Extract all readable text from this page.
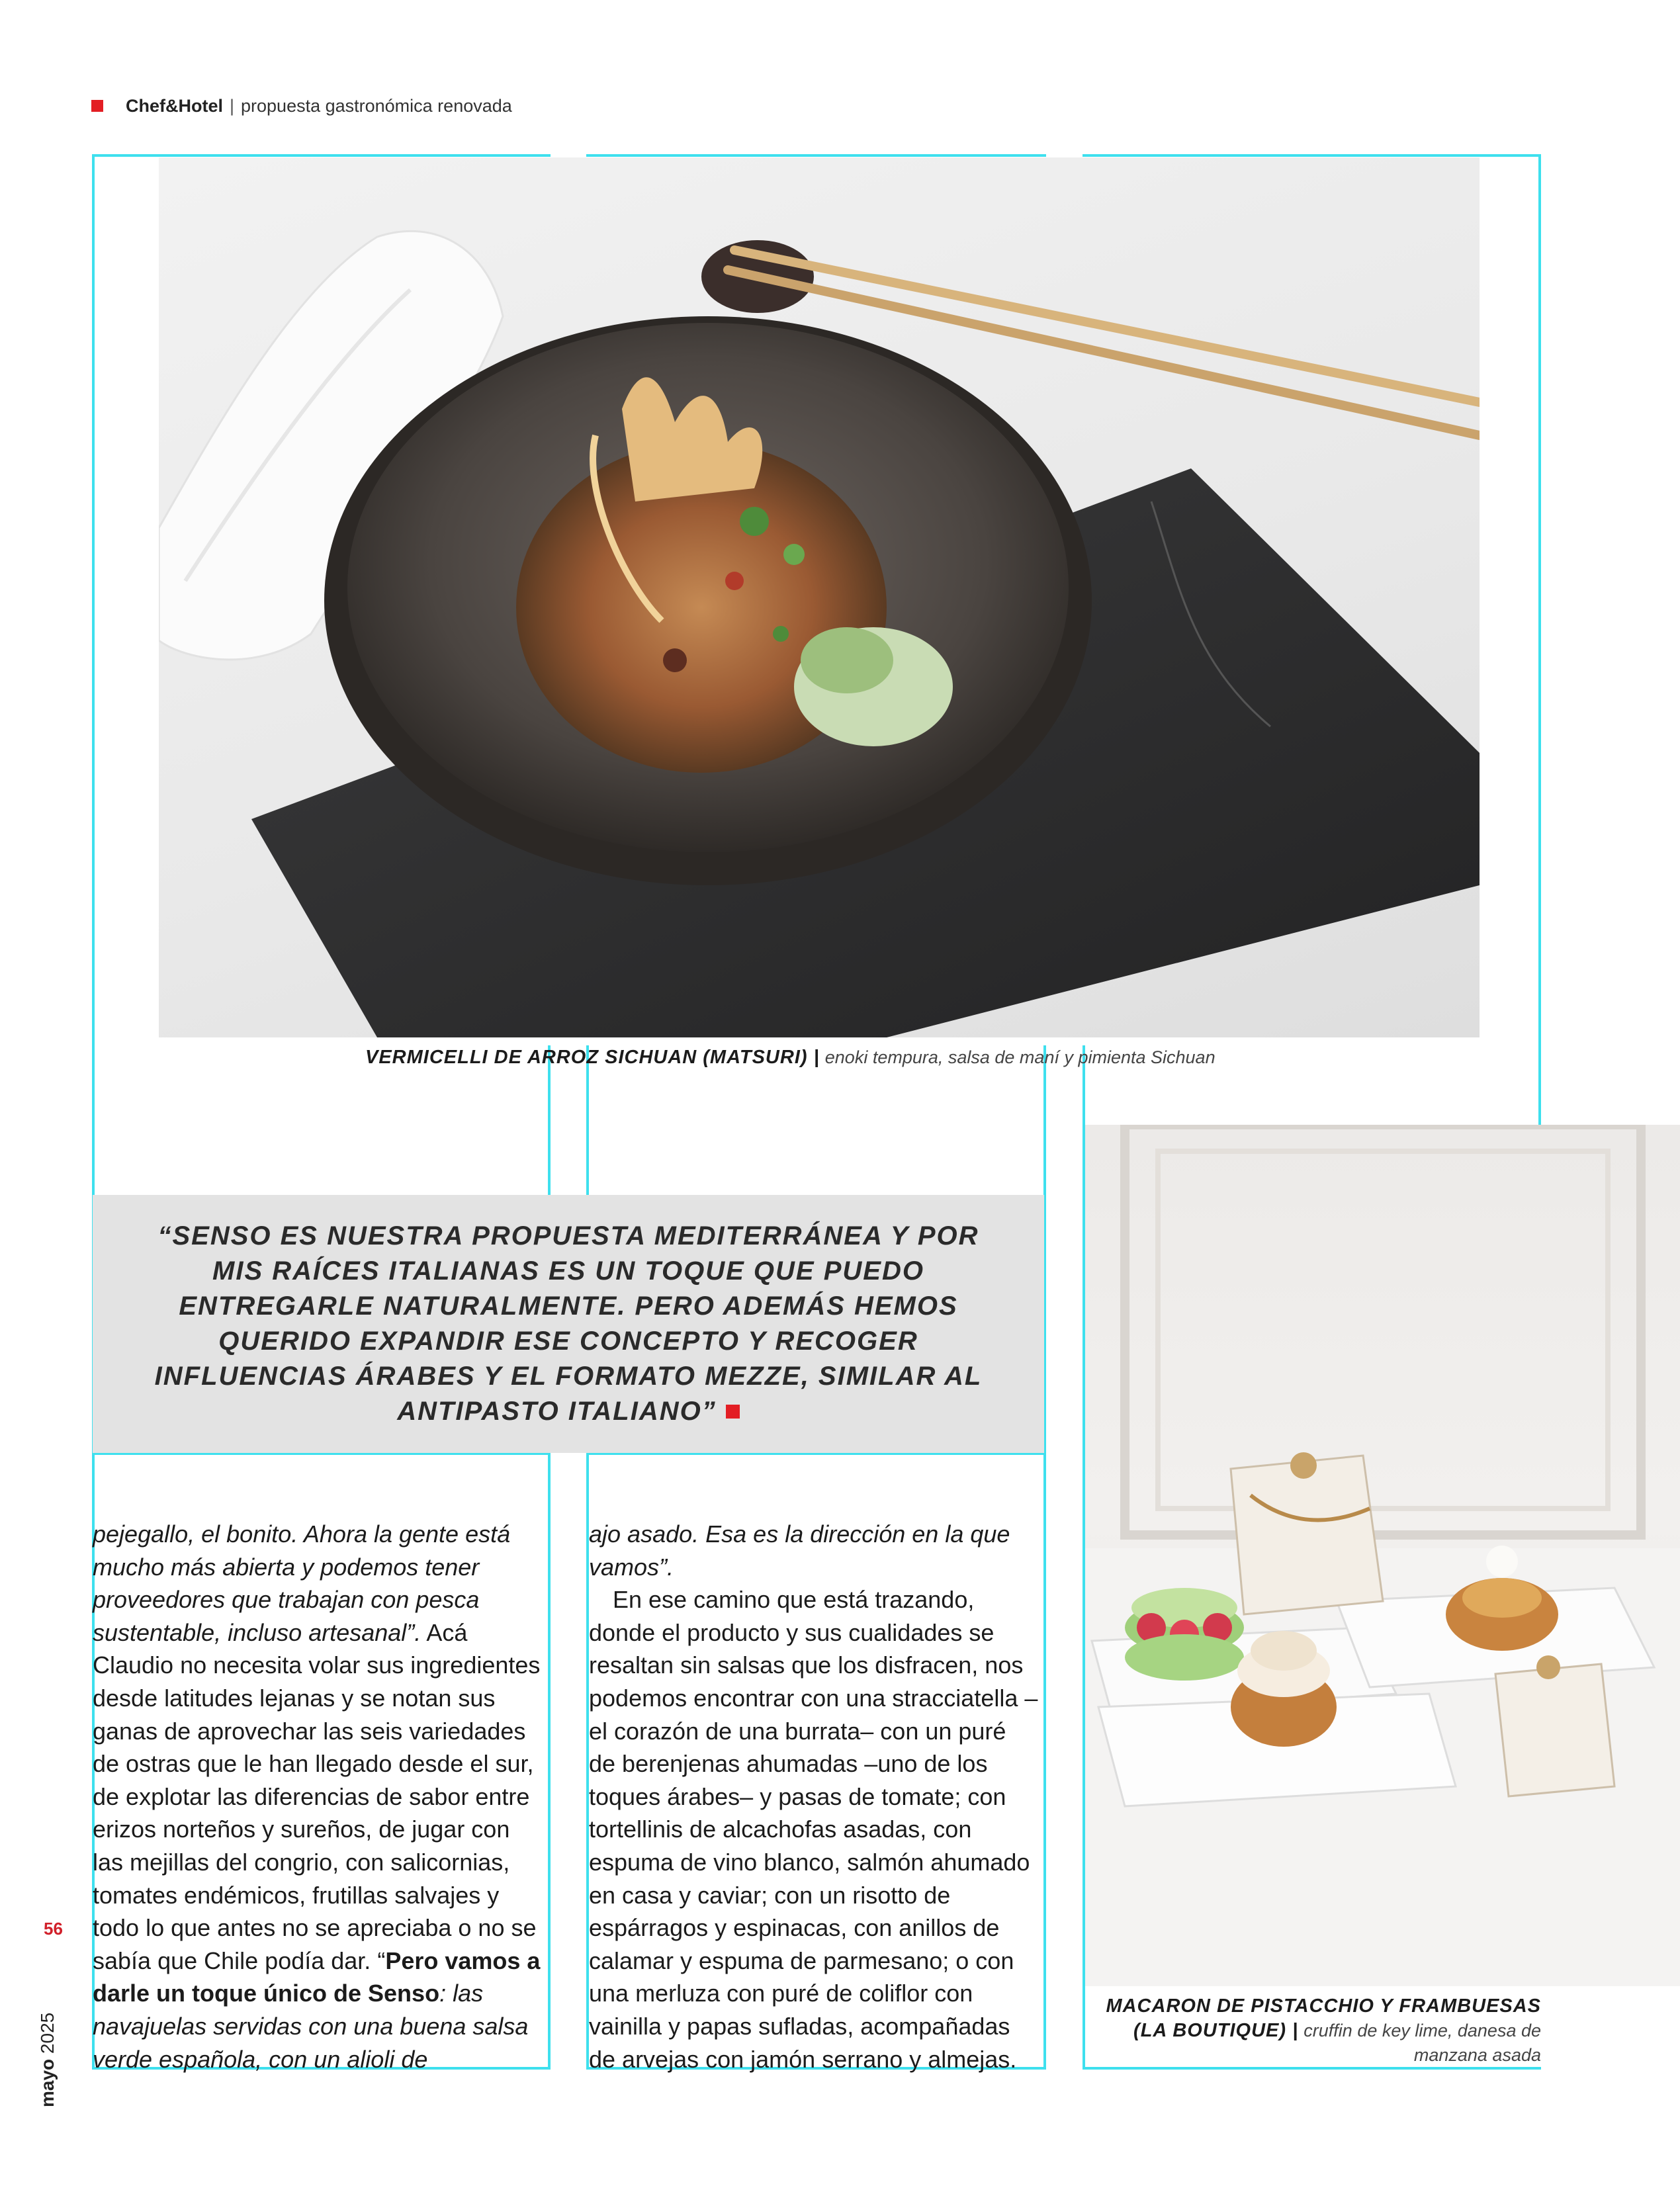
Chef&Hotel | propuesta gastronómica renovada
VERMICELLI DE ARROZ SICHUAN (MATSURI) | enoki tempura, salsa de maní y pimienta Sichuan
MACARON DE PISTACCHIO Y FRAMBUESAS (LA BOUTIQUE) | cruffin de key lime, danesa de manzana asada
“SENSO ES NUESTRA PROPUESTA MEDITERRÁNEA Y POR MIS RAÍCES ITALIANAS ES UN TOQUE QUE PUEDO ENTREGARLE NATURALMENTE. PERO ADEMÁS HEMOS QUERIDO EXPANDIR ESE CONCEPTO Y RECOGER INFLUENCIAS ÁRABES Y EL FORMATO MEZZE, SIMILAR AL ANTIPASTO ITALIANO”

pejegallo, el bonito. Ahora la gente está mucho más abierta y podemos tener proveedores que trabajan con pesca sustentable, incluso artesanal”. Acá Claudio no necesita volar sus ingredientes desde latitudes lejanas y se notan sus ganas de aprovechar las seis variedades de ostras que le han llegado desde el sur, de explotar las diferencias de sabor entre erizos norteños y sureños, de jugar con las mejillas del congrio, con salicornias, tomates endémicos, frutillas salvajes y todo lo que antes no se apreciaba o no se sabía que Chile podía dar. “Pero vamos a darle un toque único de Senso: las navajuelas servidas con una buena salsa verde española, con un alioli de

ajo asado. Esa es la dirección en la que vamos”.

En ese camino que está trazando, donde el producto y sus cualidades se resaltan sin salsas que los disfracen, nos podemos encontrar con una stracciatella –el corazón de una burrata– con un puré de berenjenas ahumadas –uno de los toques árabes– y pasas de tomate; con tortellinis de alcachofas asadas, con espuma de vino blanco, salmón ahumado en casa y caviar; con un risotto de espárragos y espinacas, con anillos de calamar y espuma de parmesano; o con una merluza con puré de coliflor con vainilla y papas sufladas, acompañadas de arvejas con jamón serrano y almejas.

56
mayo 2025
